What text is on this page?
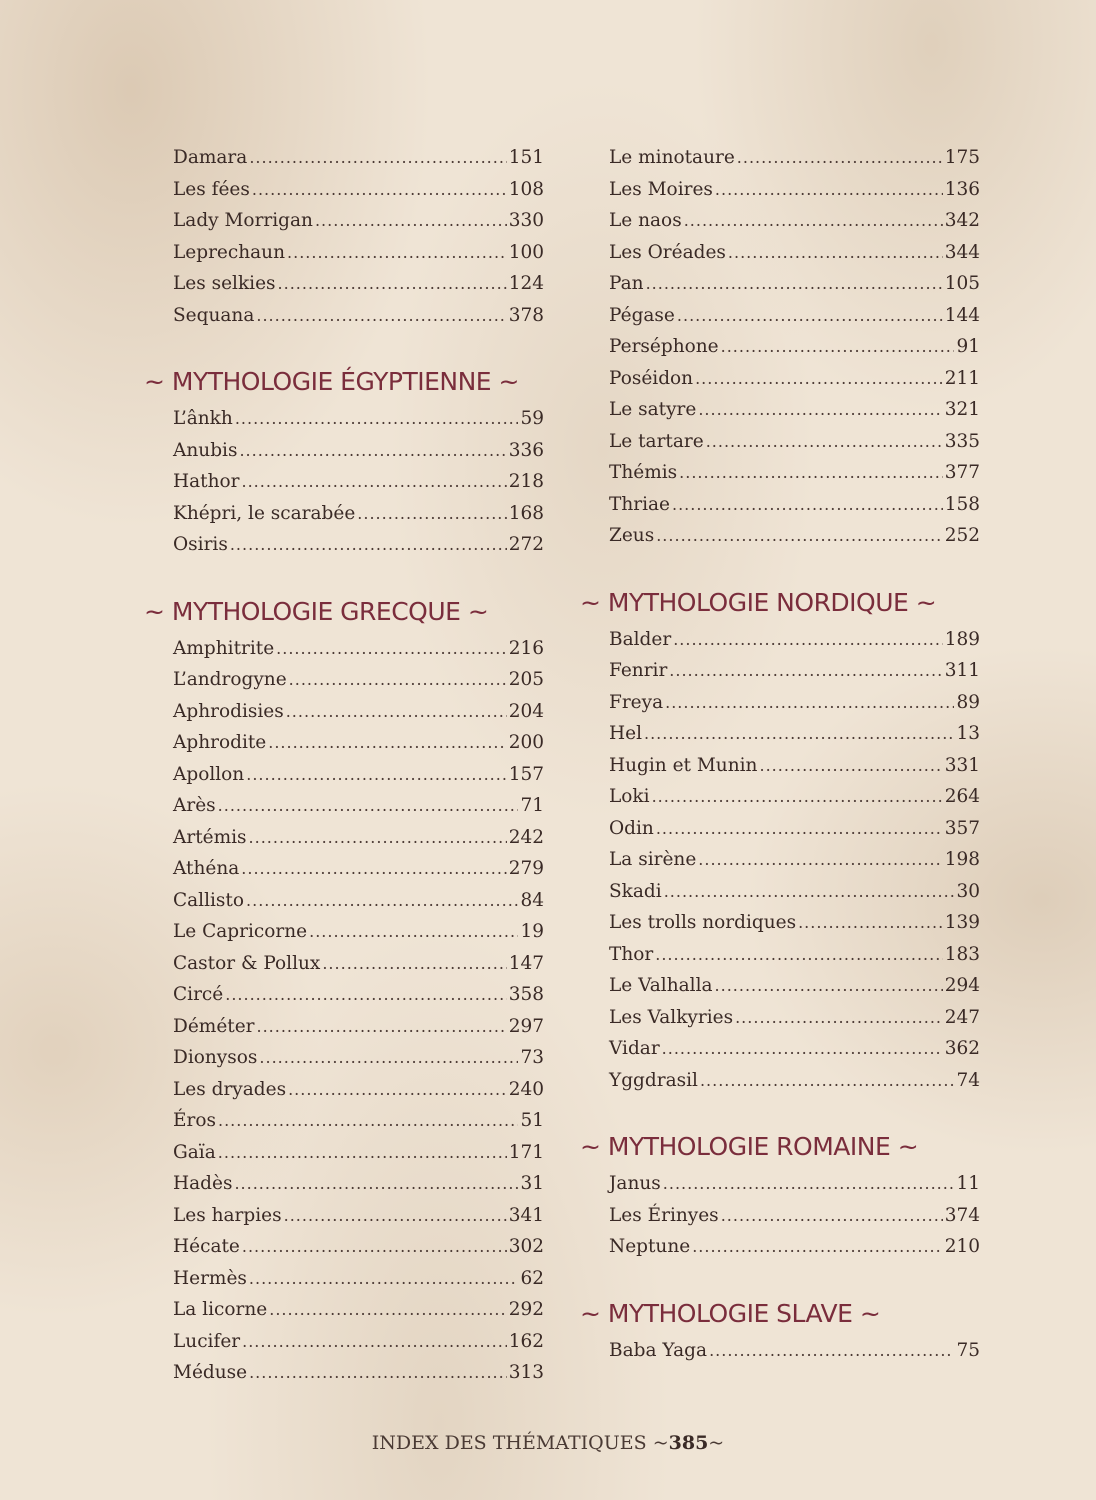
Damara .....	151
Les fées .....	108
Lady Morrigan .....	330
Leprechaun .....	100
Les selkies .....	124
Sequana .....	378
~ MYTHOLOGIE ÉGYPTIENNE ~
L’ânkh .....	59
Anubis .....	336
Hathor .....	218
Khépri, le scarabée .....	168
Osiris .....	272
~ MYTHOLOGIE GRECQUE ~
Amphitrite .....	216
L’androgyne .....	205
Aphrodisies .....	204
Aphrodite .....	200
Apollon .....	157
Arès .....	71
Artémis .....	242
Athéna .....	279
Callisto .....	84
Le Capricorne .....	19
Castor & Pollux .....	147
Circé .....	358
Déméter .....	297
Dionysos .....	73
Les dryades .....	240
Éros .....	51
Gaïa .....	171
Hadès .....	31
Les harpies .....	341
Hécate .....	302
Hermès .....	62
La licorne .....	292
Lucifer .....	162
Méduse .....	313
Le minotaure .....	175
Les Moires .....	136
Le naos .....	342
Les Oréades .....	344
Pan .....	105
Pégase .....	144
Perséphone .....	91
Poséidon .....	211
Le satyre .....	321
Le tartare .....	335
Thémis .....	377
Thriae .....	158
Zeus .....	252
~ MYTHOLOGIE NORDIQUE ~
Balder .....	189
Fenrir .....	311
Freya .....	89
Hel .....	13
Hugin et Munin .....	331
Loki .....	264
Odin .....	357
La sirène .....	198
Skadi .....	30
Les trolls nordiques .....	139
Thor .....	183
Le Valhalla .....	294
Les Valkyries .....	247
Vidar .....	362
Yggdrasil .....	74
~ MYTHOLOGIE ROMAINE ~
Janus .....	11
Les Érinyes .....	374
Neptune .....	210
~ MYTHOLOGIE SLAVE ~
Baba Yaga .....	75
INDEX DES THÉMATIQUES ~385~
